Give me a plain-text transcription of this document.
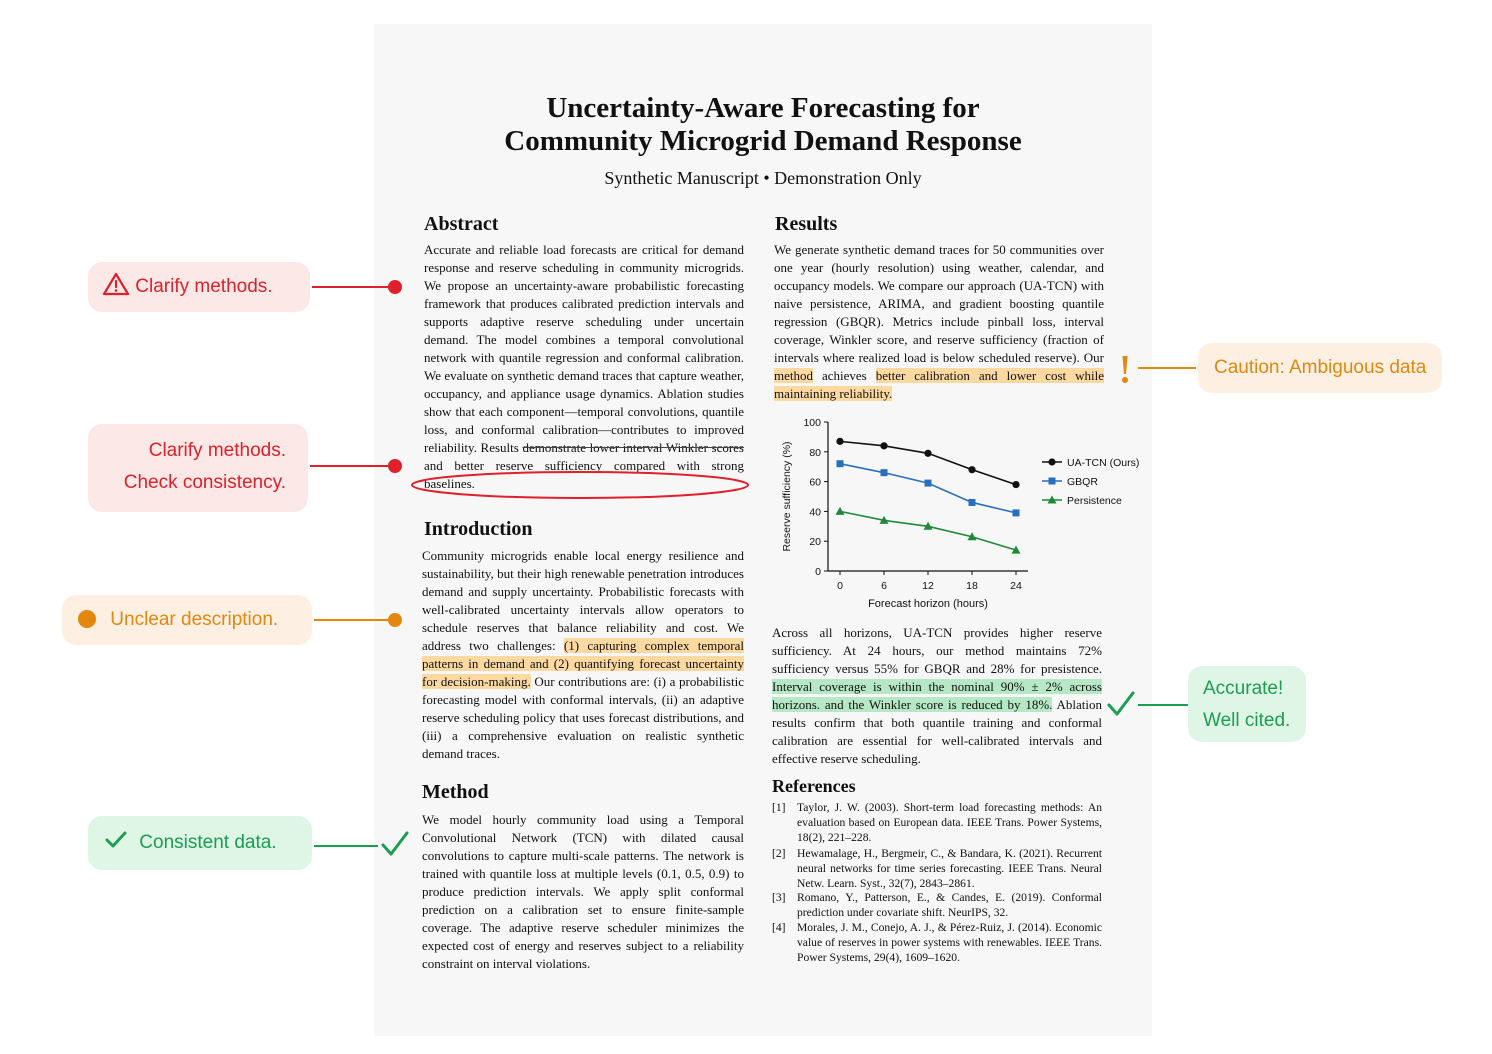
Uncertainty-Aware Forecasting for
Community Microgrid Demand Response
Synthetic Manuscript • Demonstration Only
Abstract
Accurate and reliable load forecasts are critical for demand response and reserve scheduling in community microgrids. We propose an uncertainty-aware probabilistic forecasting framework that produces calibrated prediction intervals and supports adaptive reserve scheduling under uncertain demand. The model combines a temporal convolutional network with quantile regression and conformal calibration. We evaluate on synthetic demand traces that capture weather, occupancy, and appliance usage dynamics. Ablation studies show that each component—temporal convolutions, quantile loss, and conformal calibration—contributes to improved reliability. Results demonstrate lower interval Winkler scores and better reserve sufficiency compared with strong baselines.
Introduction
Community microgrids enable local energy resilience and sustainability, but their high renewable penetration introduces demand and supply uncertainty. Probabilistic forecasts with well-calibrated uncertainty intervals allow operators to schedule reserves that balance reliability and cost. We address two challenges: (1) capturing complex temporal patterns in demand and (2) quantifying forecast uncertainty for decision-making. Our contributions are: (i) a probabilistic forecasting model with conformal intervals, (ii) an adaptive reserve scheduling policy that uses forecast distributions, and (iii) a comprehensive evaluation on realistic synthetic demand traces.
Method
We model hourly community load using a Temporal Convolutional Network (TCN) with dilated causal convolutions to capture multi-scale patterns. The network is trained with quantile loss at multiple levels (0.1, 0.5, 0.9) to produce prediction intervals. We apply split conformal prediction on a calibration set to ensure finite-sample coverage. The adaptive reserve scheduler minimizes the expected cost of energy and reserves subject to a reliability constraint on interval violations.
Results
We generate synthetic demand traces for 50 communities over one year (hourly resolution) using weather, calendar, and occupancy models. We compare our approach (UA-TCN) with naive persistence, ARIMA, and gradient boosting quantile regression (GBQR). Metrics include pinball loss, interval coverage, Winkler score, and reserve sufficiency (fraction of intervals where realized load is below scheduled reserve). Our method achieves better calibration and lower cost while maintaining reliability.
0
20
40
60
80
100
0	6	12	18	24
Forecast horizon (hours)
Reserve sufficiency (%)	UA-TCN (Ours)
GBQR
Persistence
Across all horizons, UA-TCN provides higher reserve sufficiency. At 24 hours, our method maintains 72% sufficiency versus 55% for GBQR and 28% for presistence. Interval coverage is within the nominal 90% ± 2% across horizons. and the Winkler score is reduced by 18%. Ablation results confirm that both quantile training and conformal calibration are essential for well-calibrated intervals and effective reserve scheduling.
References
[1] Taylor, J. W. (2003). Short-term load forecasting methods: An evaluation based on European data. IEEE Trans. Power Systems, 18(2), 221–228.
[2] Hewamalage, H., Bergmeir, C., & Bandara, K. (2021). Recurrent neural networks for time series forecasting. IEEE Trans. Neural Netw. Learn. Syst., 32(7), 2843–2861.
[3] Romano, Y., Patterson, E., & Candes, E. (2019). Conformal prediction under covariate shift. NeurIPS, 32.
[4] Morales, J. M., Conejo, A. J., & Pérez-Ruiz, J. (2014). Economic value of reserves in power systems with renewables. IEEE Trans. Power Systems, 29(4), 1609–1620.
Clarify methods.
Clarify methods.
Check consistency.
Unclear description.
Consistent data.
Caution: Ambiguous data
Accurate!
Well cited.
